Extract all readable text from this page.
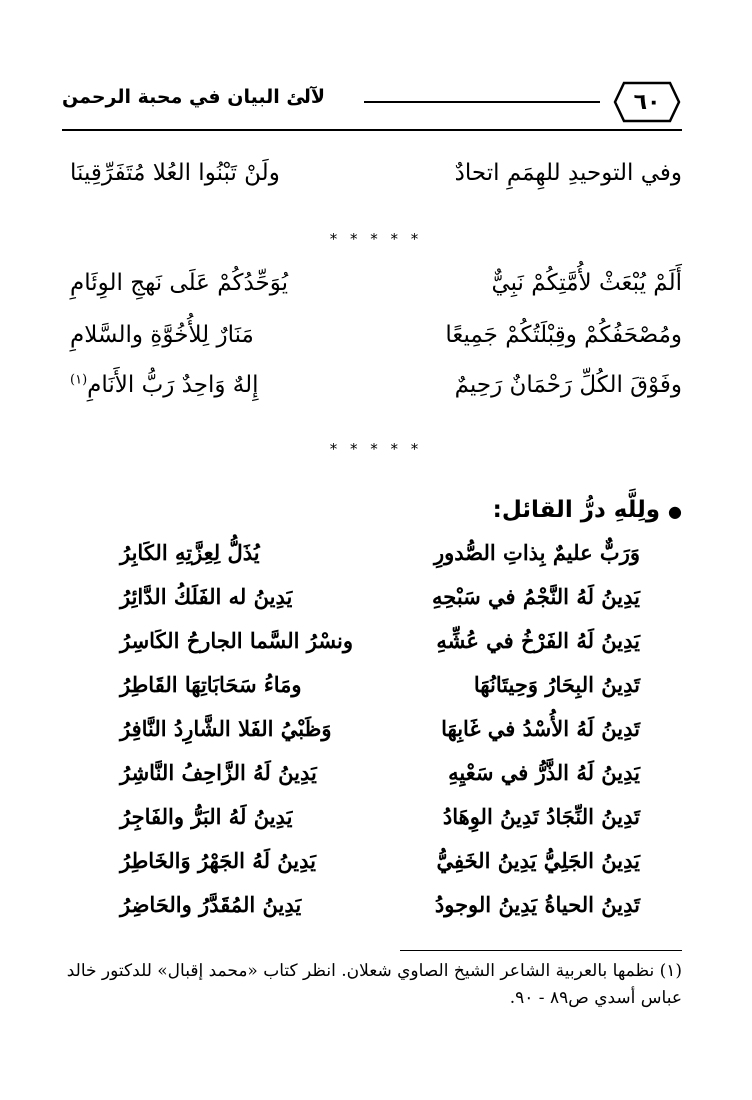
٦٠
لآلئ البيان في محبة الرحمن
وفي التوحيدِ للهِمَمِ اتحادٌ
ولَنْ تَبْنُوا العُلا مُتَفَرِّقِينَا
* * * * *
أَلَمْ يُبْعَثْ لأُمَّتِكُمْ نَبِيٌّ
يُوَحِّدُكُمْ عَلَى نَهجِ الوِئَامِ
ومُصْحَفُكُمْ وقِبْلَتُكُمْ جَمِيعًا
مَنَارٌ لِلأُخُوَّةِ والسَّلامِ
وفَوْقَ الكُلِّ رَحْمَانٌ رَحِيمٌ
إِلهٌ وَاحِدٌ رَبُّ الأَنَامِ$^{(١)}$
* * * * *
●ولِلَّهِ درُّ القائل:
وَرَبٌّ عليمٌ بِذاتِ الصُّدورِ
يُذَلُّ لِعِزَّتِهِ الكَابِرُ
يَدِينُ لَهُ النَّجْمُ في سَبْحِهِ
يَدِينُ له الفَلَكُ الدَّائِرُ
يَدِينُ لَهُ الفَرْخُ في عُشِّهِ
ونسْرُ السَّما الجارحُ الكَاسِرُ
تَدِينُ البِحَارُ وَحِيتَانُهَا
ومَاءُ سَحَابَاتِهَا القَاطِرُ
تَدِينُ لَهُ الأُسْدُ في غَابِهَا
وَظَبْيُ الفَلا الشَّارِدُ النَّافِرُ
يَدِينُ لَهُ الذَّرُّ في سَعْيِهِ
يَدِينُ لَهُ الزَّاحِفُ النَّاشِرُ
تَدِينُ النِّجَادُ تَدِينُ الوِهَادُ
يَدِينُ لَهُ البَرُّ والفَاجِرُ
يَدِينُ الجَلِيُّ يَدِينُ الخَفِيُّ
يَدِينُ لَهُ الجَهْرُ وَالخَاطِرُ
تَدِينُ الحياةُ يَدِينُ الوجودُ
يَدِينُ المُقَدَّرُ والحَاضِرُ
(١) نظمها بالعربية الشاعر الشيخ الصاوي شعلان. انظر كتاب «محمد إقبال» للدكتور خالد عباس أسدي ص٨٩ - ٩٠.
